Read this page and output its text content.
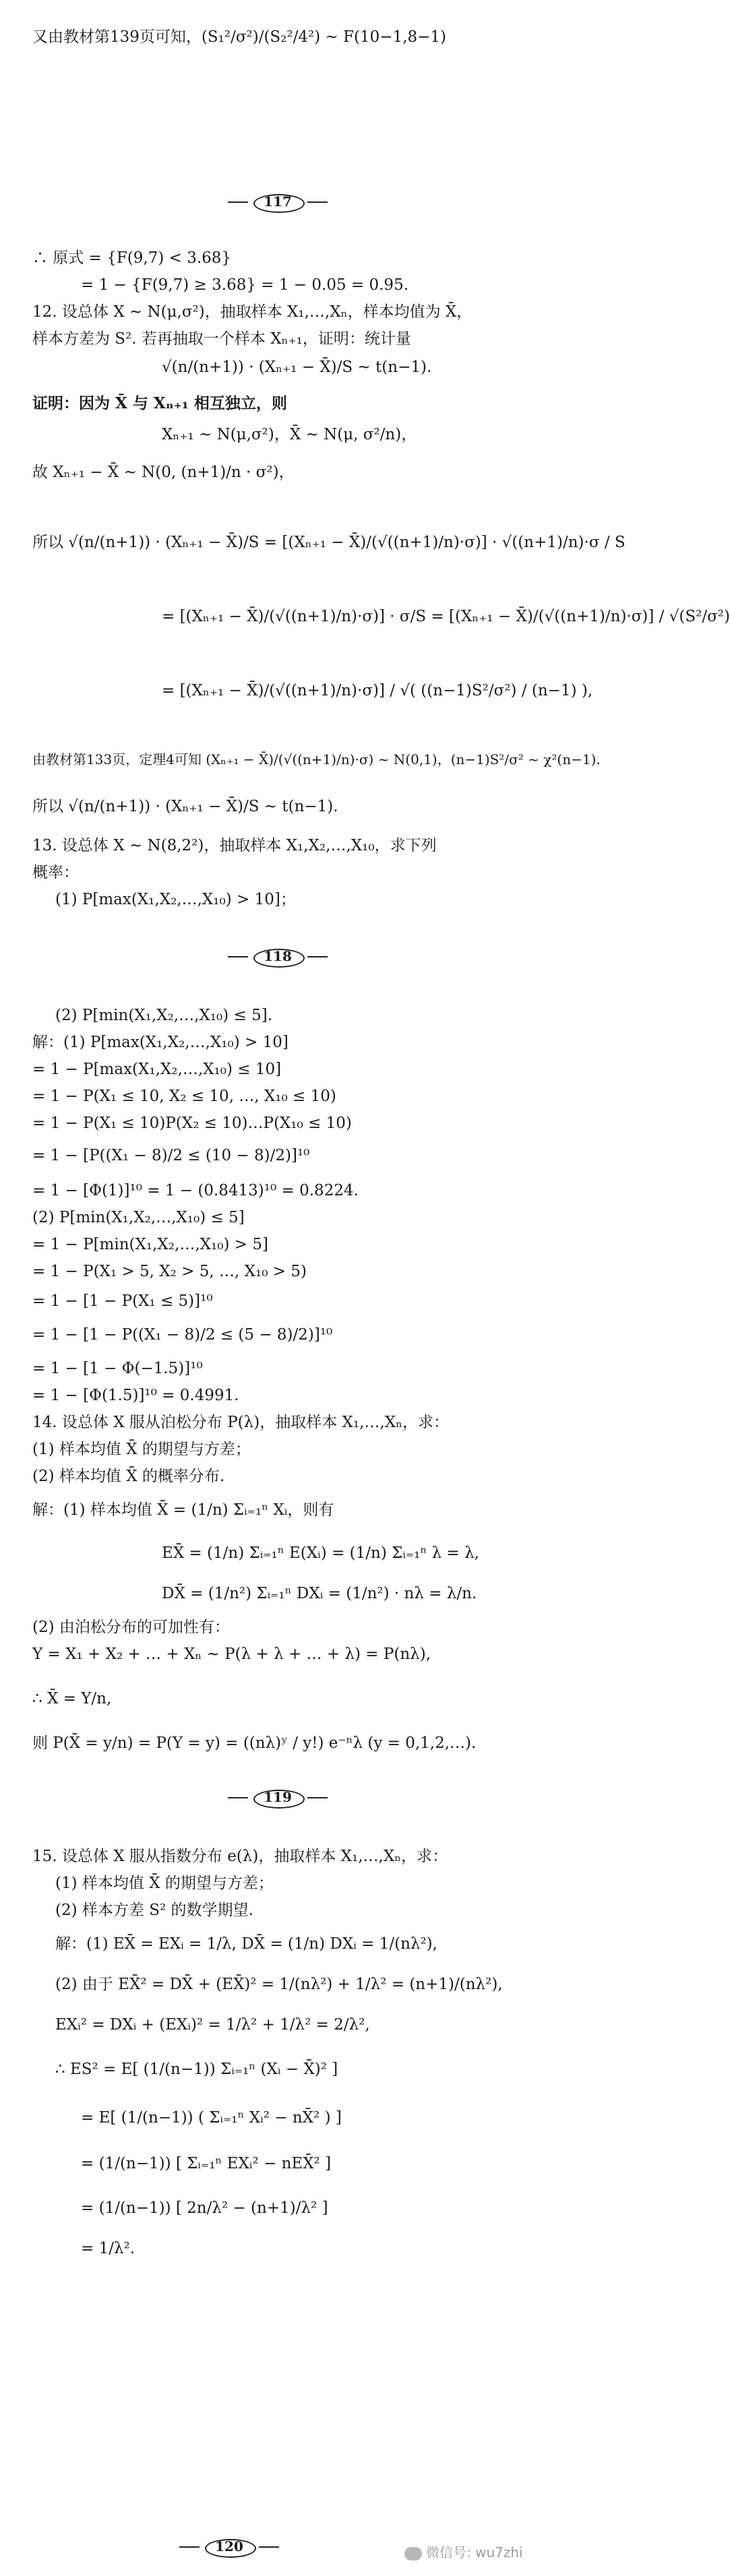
又由教材第139页可知，(S₁²/σ²)/(S₂²/4²) ~ F(10−1,8−1)
117
∴ 原式 = {F(9,7) < 3.68}
= 1 − {F(9,7) ≥ 3.68} = 1 − 0.05 = 0.95.
12. 设总体 X ~ N(μ,σ²)，抽取样本 X₁,…,Xₙ，样本均值为 X̄，
样本方差为 S². 若再抽取一个样本 Xₙ₊₁，证明：统计量
√(n/(n+1)) · (Xₙ₊₁ − X̄)/S ~ t(n−1).
证明：因为 X̄ 与 Xₙ₊₁ 相互独立，则
Xₙ₊₁ ~ N(μ,σ²)，X̄ ~ N(μ, σ²/n)，
故 Xₙ₊₁ − X̄ ~ N(0, (n+1)/n · σ²)，
所以 √(n/(n+1)) · (Xₙ₊₁ − X̄)/S = [(Xₙ₊₁ − X̄)/(√((n+1)/n)·σ)] · √((n+1)/n)·σ / S
= [(Xₙ₊₁ − X̄)/(√((n+1)/n)·σ)] · σ/S = [(Xₙ₊₁ − X̄)/(√((n+1)/n)·σ)] / √(S²/σ²)
= [(Xₙ₊₁ − X̄)/(√((n+1)/n)·σ)] / √( ((n−1)S²/σ²) / (n−1) ),
由教材第133页，定理4可知 (Xₙ₊₁ − X̄)/(√((n+1)/n)·σ) ~ N(0,1)，(n−1)S²/σ² ~ χ²(n−1).
所以 √(n/(n+1)) · (Xₙ₊₁ − X̄)/S ~ t(n−1).
13. 设总体 X ~ N(8,2²)，抽取样本 X₁,X₂,…,X₁₀，求下列
概率：
(1) P[max(X₁,X₂,…,X₁₀) > 10]；
118
(2) P[min(X₁,X₂,…,X₁₀) ≤ 5].
解：(1) P[max(X₁,X₂,…,X₁₀) > 10]
= 1 − P[max(X₁,X₂,…,X₁₀) ≤ 10]
= 1 − P(X₁ ≤ 10, X₂ ≤ 10, …, X₁₀ ≤ 10)
= 1 − P(X₁ ≤ 10)P(X₂ ≤ 10)…P(X₁₀ ≤ 10)
= 1 − [P((X₁ − 8)/2 ≤ (10 − 8)/2)]¹⁰
= 1 − [Φ(1)]¹⁰ = 1 − (0.8413)¹⁰ = 0.8224.
(2) P[min(X₁,X₂,…,X₁₀) ≤ 5]
= 1 − P[min(X₁,X₂,…,X₁₀) > 5]
= 1 − P(X₁ > 5, X₂ > 5, …, X₁₀ > 5)
= 1 − [1 − P(X₁ ≤ 5)]¹⁰
= 1 − [1 − P((X₁ − 8)/2 ≤ (5 − 8)/2)]¹⁰
= 1 − [1 − Φ(−1.5)]¹⁰
= 1 − [Φ(1.5)]¹⁰ = 0.4991.
14. 设总体 X 服从泊松分布 P(λ)，抽取样本 X₁,…,Xₙ，求：
(1) 样本均值 X̄ 的期望与方差；
(2) 样本均值 X̄ 的概率分布.
解：(1) 样本均值 X̄ = (1/n) Σᵢ₌₁ⁿ Xᵢ，则有
EX̄ = (1/n) Σᵢ₌₁ⁿ E(Xᵢ) = (1/n) Σᵢ₌₁ⁿ λ = λ,
DX̄ = (1/n²) Σᵢ₌₁ⁿ DXᵢ = (1/n²) · nλ = λ/n.
(2) 由泊松分布的可加性有：
Y = X₁ + X₂ + … + Xₙ ~ P(λ + λ + … + λ) = P(nλ),
∴ X̄ = Y/n,
则 P(X̄ = y/n) = P(Y = y) = ((nλ)ʸ / y!) e⁻ⁿλ (y = 0,1,2,…).
119
15. 设总体 X 服从指数分布 e(λ)，抽取样本 X₁,…,Xₙ，求：
(1) 样本均值 X̄ 的期望与方差；
(2) 样本方差 S² 的数学期望.
解：(1) EX̄ = EXᵢ = 1/λ, DX̄ = (1/n) DXᵢ = 1/(nλ²),
(2) 由于 EX̄² = DX̄ + (EX̄)² = 1/(nλ²) + 1/λ² = (n+1)/(nλ²),
EXᵢ² = DXᵢ + (EXᵢ)² = 1/λ² + 1/λ² = 2/λ²,
∴ ES² = E[ (1/(n−1)) Σᵢ₌₁ⁿ (Xᵢ − X̄)² ]
= E[ (1/(n−1)) ( Σᵢ₌₁ⁿ Xᵢ² − nX̄² ) ]
= (1/(n−1)) [ Σᵢ₌₁ⁿ EXᵢ² − nEX̄² ]
= (1/(n−1)) [ 2n/λ² − (n+1)/λ² ]
= 1/λ².
120	微信号: wu7zhi
